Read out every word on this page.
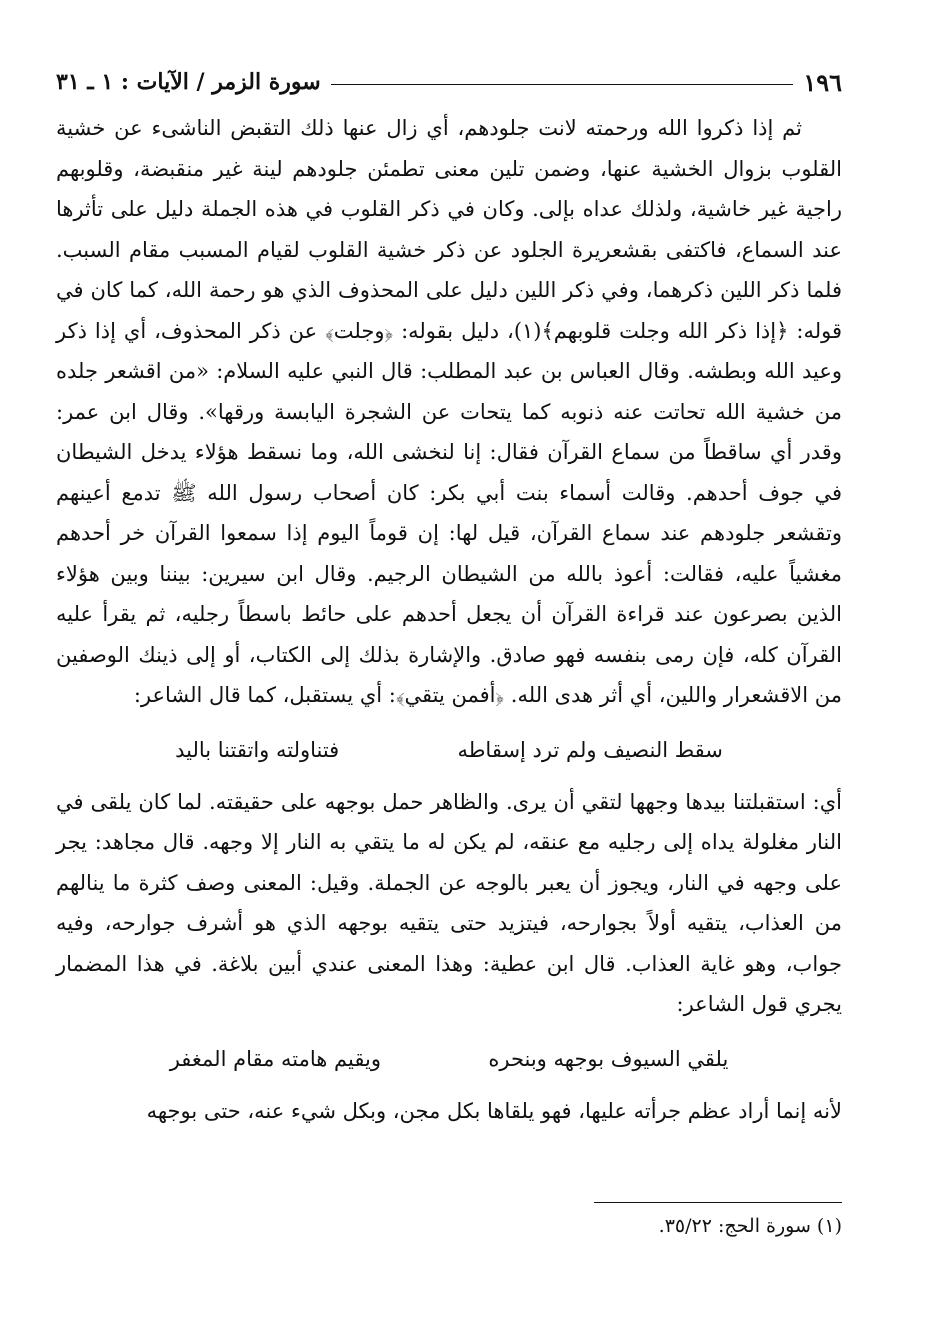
١٩٦
سورة الزمر / الآيات : ١ ـ ٣١

ثم إذا ذكروا الله ورحمته لانت جلودهم، أي زال عنها ذلك التقبض الناشىء عن خشية القلوب بزوال الخشية عنها، وضمن تلين معنى تطمئن جلودهم لينة غير منقبضة، وقلوبهم راجية غير خاشية، ولذلك عداه بإلى. وكان في ذكر القلوب في هذه الجملة دليل على تأثرها عند السماع، فاكتفى بقشعريرة الجلود عن ذكر خشية القلوب لقيام المسبب مقام السبب. فلما ذكر اللين ذكرهما، وفي ذكر اللين دليل على المحذوف الذي هو رحمة الله، كما كان في قوله: ﴿إذا ذكر الله وجلت قلوبهم﴾(١)، دليل بقوله: ﴿وجلت﴾ عن ذكر المحذوف، أي إذا ذكر وعيد الله وبطشه. وقال العباس بن عبد المطلب: قال النبي عليه السلام: «من اقشعر جلده من خشية الله تحاتت عنه ذنوبه كما يتحات عن الشجرة اليابسة ورقها». وقال ابن عمر: وقدر أي ساقطاً من سماع القرآن فقال: إنا لنخشى الله، وما نسقط هؤلاء يدخل الشيطان في جوف أحدهم. وقالت أسماء بنت أبي بكر: كان أصحاب رسول الله ﷺ تدمع أعينهم وتقشعر جلودهم عند سماع القرآن، قيل لها: إن قوماً اليوم إذا سمعوا القرآن خر أحدهم مغشياً عليه، فقالت: أعوذ بالله من الشيطان الرجيم. وقال ابن سيرين: بيننا وبين هؤلاء الذين بصرعون عند قراءة القرآن أن يجعل أحدهم على حائط باسطاً رجليه، ثم يقرأ عليه القرآن كله، فإن رمى بنفسه فهو صادق. والإشارة بذلك إلى الكتاب، أو إلى ذينك الوصفين من الاقشعرار واللين، أي أثر هدى الله. ﴿أفمن يتقي﴾: أي يستقبل، كما قال الشاعر:

سقط النصيف ولم ترد إسقاطه
فتناولته واتقتنا باليد

أي: استقبلتنا بيدها وجهها لتقي أن يرى. والظاهر حمل بوجهه على حقيقته. لما كان يلقى في النار مغلولة يداه إلى رجليه مع عنقه، لم يكن له ما يتقي به النار إلا وجهه. قال مجاهد: يجر على وجهه في النار، ويجوز أن يعبر بالوجه عن الجملة. وقيل: المعنى وصف كثرة ما ينالهم من العذاب، يتقيه أولاً بجوارحه، فيتزيد حتى يتقيه بوجهه الذي هو أشرف جوارحه، وفيه جواب، وهو غاية العذاب. قال ابن عطية: وهذا المعنى عندي أبين بلاغة. في هذا المضمار يجري قول الشاعر:

يلقي السيوف بوجهه وبنحره
ويقيم هامته مقام المغفر

لأنه إنما أراد عظم جرأته عليها، فهو يلقاها بكل مجن، وبكل شيء عنه، حتى بوجهه

(١) سورة الحج: ٣٥/٢٢.
